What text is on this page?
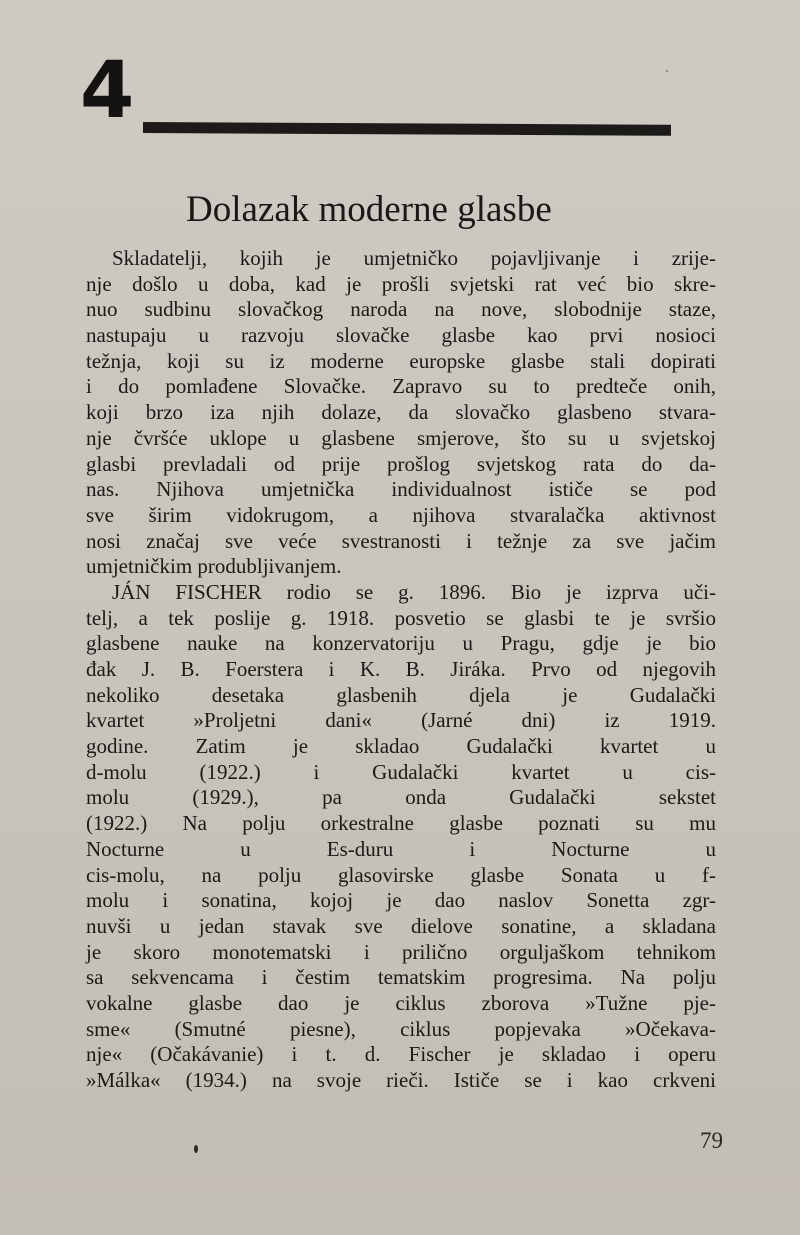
4
Dolazak moderne glasbe
Skladatelji, kojih je umjetničko pojavljivanje i zrije-
nje došlo u doba, kad je prošli svjetski rat već bio skre-
nuo sudbinu slovačkog naroda na nove, slobodnije staze,
nastupaju u razvoju slovačke glasbe kao prvi nosioci
težnja, koji su iz moderne europske glasbe stali dopirati
i do pomlađene Slovačke. Zapravo su to predteče onih,
koji brzo iza njih dolaze, da slovačko glasbeno stvara-
nje čvršće uklope u glasbene smjerove, što su u svjetskoj
glasbi prevladali od prije prošlog svjetskog rata do da-
nas. Njihova umjetnička individualnost ističe se pod
sve širim vidokrugom, a njihova stvaralačka aktivnost
nosi značaj sve veće svestranosti i težnje za sve jačim
umjetničkim produbljivanjem.
JÁN FISCHER rodio se g. 1896. Bio je izprva uči-
telj, a tek poslije g. 1918. posvetio se glasbi te je svršio
glasbene nauke na konzervatoriju u Pragu, gdje je bio
đak J. B. Foerstera i K. B. Jiráka. Prvo od njegovih
nekoliko desetaka glasbenih djela je Gudalački
kvartet »Proljetni dani« (Jarné dni) iz 1919.
godine. Zatim je skladao Gudalački kvartet u
d-molu (1922.) i Gudalački kvartet u cis-
molu (1929.), pa onda Gudalački sekstet
(1922.) Na polju orkestralne glasbe poznati su mu
Nocturne u Es-duru i Nocturne u
cis-molu, na polju glasovirske glasbe Sonata u f-
molu i sonatina, kojoj je dao naslov Sonetta zgr-
nuvši u jedan stavak sve dielove sonatine, a skladana
je skoro monotematski i prilično orguljaškom tehnikom
sa sekvencama i čestim tematskim progresima. Na polju
vokalne glasbe dao je ciklus zborova »Tužne pje-
sme« (Smutné piesne), ciklus popjevaka »Očekava-
nje« (Očakávanie) i t. d. Fischer je skladao i operu
»Málka« (1934.) na svoje rieči. Ističe se i kao crkveni
79
